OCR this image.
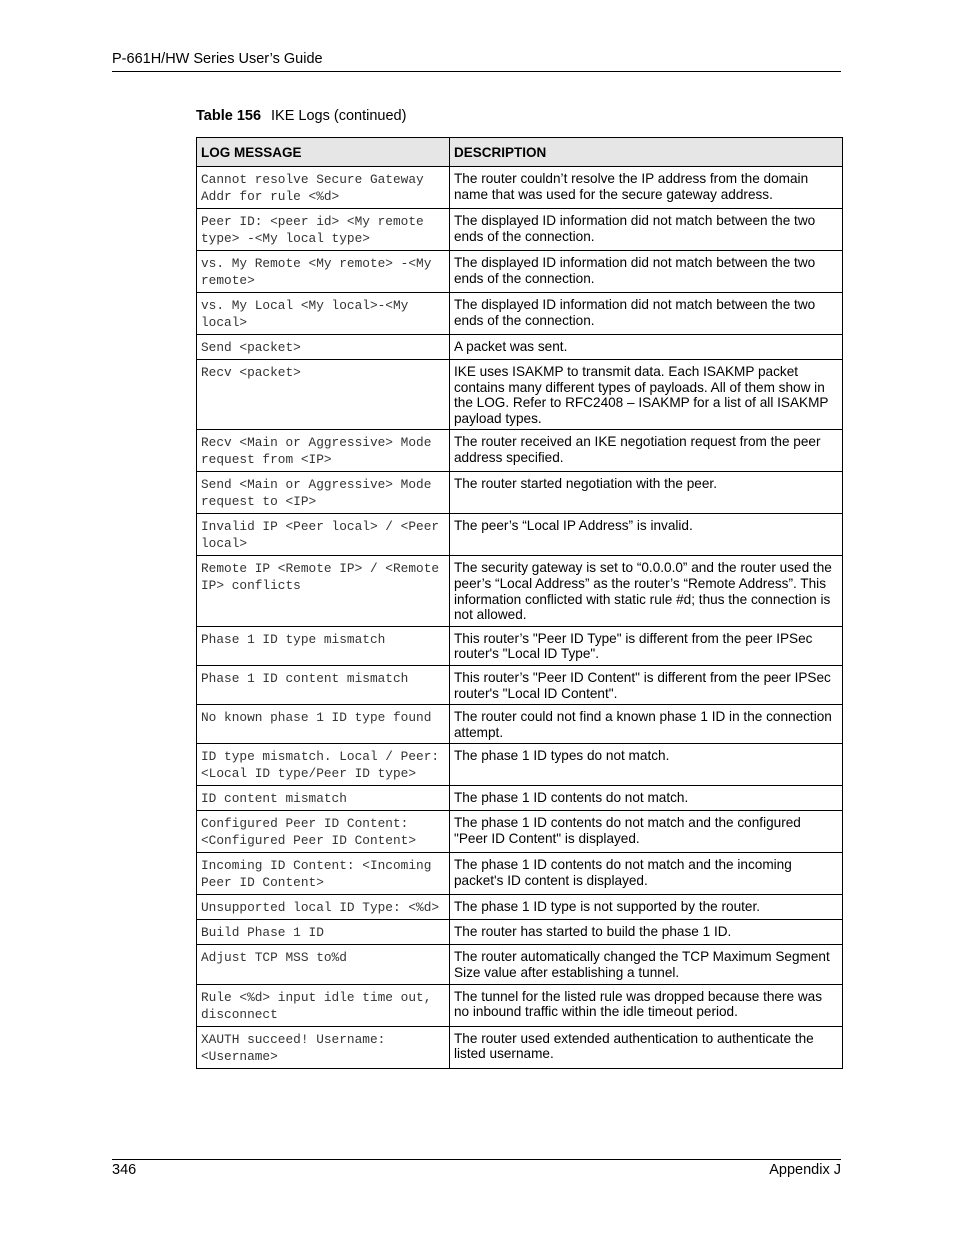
P-661H/HW Series User’s Guide
Table 156 IKE Logs (continued)
LOG MESSAGE	DESCRIPTION
Cannot resolve Secure Gateway Addr for rule <%d>	The router couldn’t resolve the IP address from the domain name that was used for the secure gateway address.
Peer ID: <peer id> <My remote type> -<My local type>	The displayed ID information did not match between the two ends of the connection.
vs. My Remote <My remote> -<My remote>	The displayed ID information did not match between the two ends of the connection.
vs. My Local <My local>-<My local>	The displayed ID information did not match between the two ends of the connection.
Send <packet>	A packet was sent.
Recv <packet>	IKE uses ISAKMP to transmit data. Each ISAKMP packet contains many different types of payloads. All of them show in the LOG. Refer to RFC2408 – ISAKMP for a list of all ISAKMP payload types.
Recv <Main or Aggressive> Mode request from <IP>	The router received an IKE negotiation request from the peer address specified.
Send <Main or Aggressive> Mode request to <IP>	The router started negotiation with the peer.
Invalid IP <Peer local> / <Peer local>	The peer’s “Local IP Address” is invalid.
Remote IP <Remote IP> / <Remote IP> conflicts	The security gateway is set to “0.0.0.0” and the router used the peer’s “Local Address” as the router’s “Remote Address”. This information conflicted with static rule #d; thus the connection is not allowed.
Phase 1 ID type mismatch	This router’s "Peer ID Type" is different from the peer IPSec router's "Local ID Type".
Phase 1 ID content mismatch	This router’s "Peer ID Content" is different from the peer IPSec router's "Local ID Content".
No known phase 1 ID type found	The router could not find a known phase 1 ID in the connection attempt.
ID type mismatch. Local / Peer: <Local ID type/Peer ID type>	The phase 1 ID types do not match.
ID content mismatch	The phase 1 ID contents do not match.
Configured Peer ID Content: <Configured Peer ID Content>	The phase 1 ID contents do not match and the configured "Peer ID Content" is displayed.
Incoming ID Content: <Incoming Peer ID Content>	The phase 1 ID contents do not match and the incoming packet's ID content is displayed.
Unsupported local ID Type: <%d>	The phase 1 ID type is not supported by the router.
Build Phase 1 ID	The router has started to build the phase 1 ID.
Adjust TCP MSS to%d	The router automatically changed the TCP Maximum Segment Size value after establishing a tunnel.
Rule <%d> input idle time out, disconnect	The tunnel for the listed rule was dropped because there was no inbound traffic within the idle timeout period.
XAUTH succeed! Username: <Username>	The router used extended authentication to authenticate the listed username.
346	Appendix J
